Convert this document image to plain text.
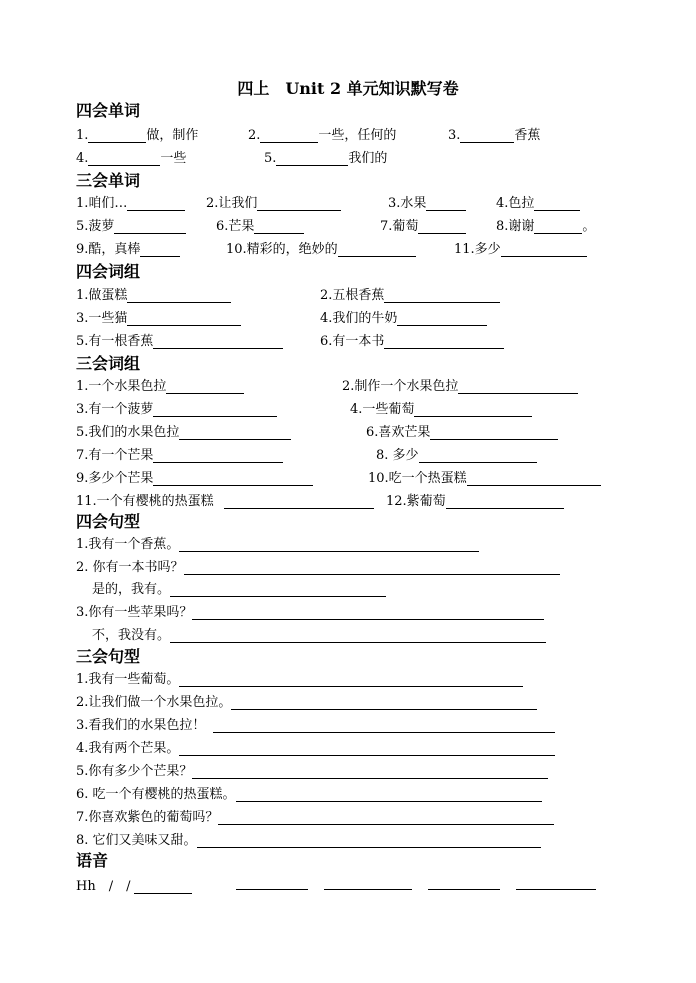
四上　Unit 2 单元知识默写卷
四会单词
1.	做，制作	2.	一些，任何的	3.	香蕉
4.	一些	5.	我们的
三会单词
1.咱们…	2.让我们	3.水果	4.色拉
5.菠萝	6.芒果	7.葡萄	8.谢谢	。
9.酷，真棒	10.精彩的，绝妙的	11.多少
四会词组
1.做蛋糕	2.五根香蕉
3.一些猫	4.我们的牛奶
5.有一根香蕉	6.有一本书
三会词组
1.一个水果色拉	2.制作一个水果色拉
3.有一个菠萝	4.一些葡萄
5.我们的水果色拉	6.喜欢芒果
7.有一个芒果	8. 多少
9.多少个芒果	10.吃一个热蛋糕
11.一个有樱桃的热蛋糕	12.紫葡萄
四会句型
1.我有一个香蕉。
2. 你有一本书吗？
是的，我有。
3.你有一些苹果吗？
不，我没有。
三会句型
1.我有一些葡萄。
2.让我们做一个水果色拉。
3.看我们的水果色拉！
4.我有两个芒果。
5.你有多少个芒果？
6. 吃一个有樱桃的热蛋糕。
7.你喜欢紫色的葡萄吗？
8. 它们又美味又甜。
语音
Hh　/　/
